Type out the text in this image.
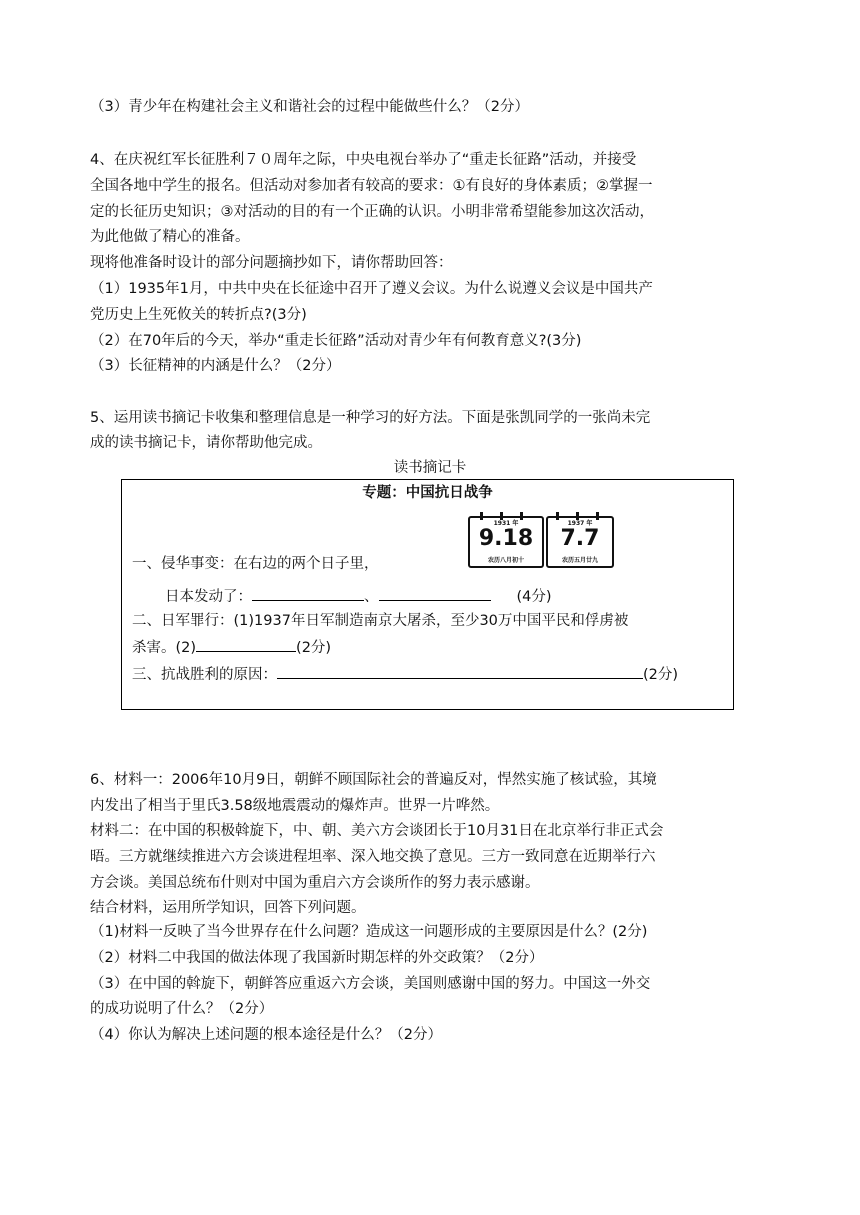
（3）青少年在构建社会主义和谐社会的过程中能做些什么？（2分）
4、在庆祝红军长征胜利７０周年之际，中央电视台举办了“重走长征路”活动，并接受
全国各地中学生的报名。但活动对参加者有较高的要求：①有良好的身体素质；②掌握一
定的长征历史知识；③对活动的目的有一个正确的认识。小明非常希望能参加这次活动，
为此他做了精心的准备。
现将他准备时设计的部分问题摘抄如下，请你帮助回答：
（1）1935年1月，中共中央在长征途中召开了遵义会议。为什么说遵义会议是中国共产
党历史上生死攸关的转折点?(3分)
（2）在70年后的今天，举办“重走长征路”活动对青少年有何教育意义?(3分)
（3）长征精神的内涵是什么？（2分）
5、运用读书摘记卡收集和整理信息是一种学习的好方法。下面是张凯同学的一张尚未完
成的读书摘记卡，请你帮助他完成。
读书摘记卡
专题：中国抗日战争
一、侵华事变：在右边的两个日子里，
1931 年
9.18
农历八月初十
1937 年
7.7
农历五月廿九
日本发动了：	、	(4分)
二、日军罪行：(1)1937年日军制造南京大屠杀，至少30万中国平民和俘虏被
杀害。(2)	(2分)
三、抗战胜利的原因：	(2分)
6、材料一：2006年10月9日，朝鲜不顾国际社会的普遍反对，悍然实施了核试验，其境
内发出了相当于里氏3.58级地震震动的爆炸声。世界一片哗然。
材料二：在中国的积极斡旋下，中、朝、美六方会谈团长于10月31日在北京举行非正式会
晤。三方就继续推进六方会谈进程坦率、深入地交换了意见。三方一致同意在近期举行六
方会谈。美国总统布什则对中国为重启六方会谈所作的努力表示感谢。
结合材料，运用所学知识，回答下列问题。
（1)材料一反映了当今世界存在什么问题？造成这一问题形成的主要原因是什么？(2分)
（2）材料二中我国的做法体现了我国新时期怎样的外交政策？（2分）
（3）在中国的斡旋下，朝鲜答应重返六方会谈，美国则感谢中国的努力。中国这一外交
的成功说明了什么？（2分）
（4）你认为解决上述问题的根本途径是什么？（2分）
